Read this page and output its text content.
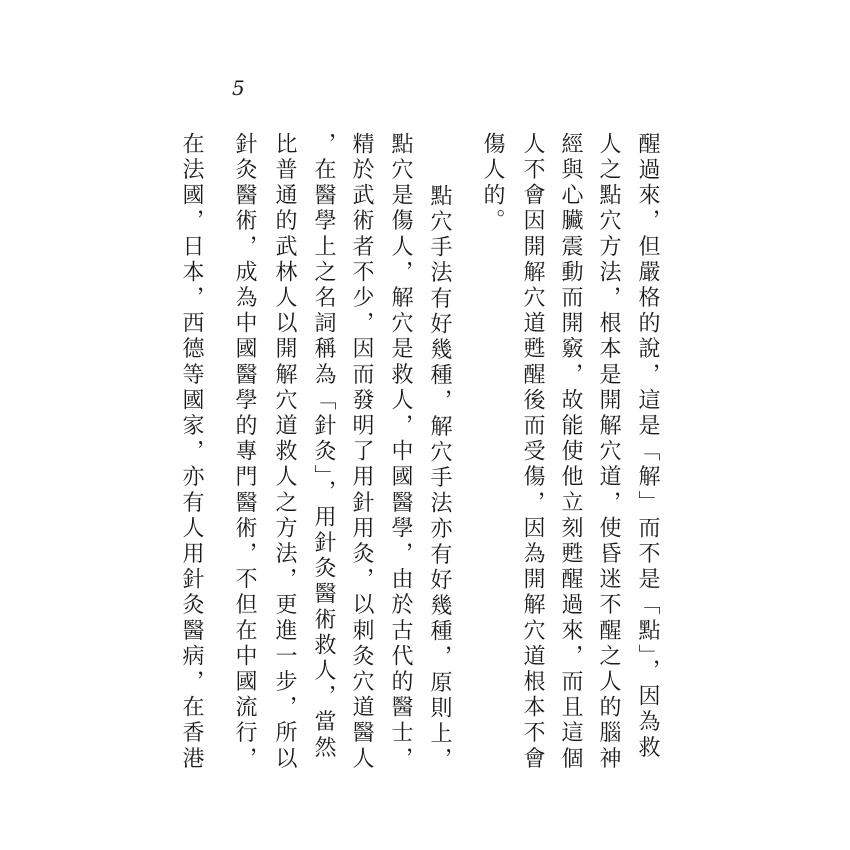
5
醒過來，但嚴格的說，這是「解」而不是「點」，因為救
人之點穴方法，根本是開解穴道，使昏迷不醒之人的腦神
經與心臟震動而開竅，故能使他立刻甦醒過來，而且這個
人不會因開解穴道甦醒後而受傷，因為開解穴道根本不會
傷人的。
點穴手法有好幾種，解穴手法亦有好幾種，原則上，
點穴是傷人，解穴是救人，中國醫學，由於古代的醫士，
精於武術者不少，因而發明了用針用灸，以刺灸穴道醫人
，在醫學上之名詞稱為「針灸」，用針灸醫術救人，當然
比普通的武林人以開解穴道救人之方法，更進一步，所以
針灸醫術，成為中國醫學的專門醫術，不但在中國流行，
在法國，日本，西德等國家，亦有人用針灸醫病，在香港
